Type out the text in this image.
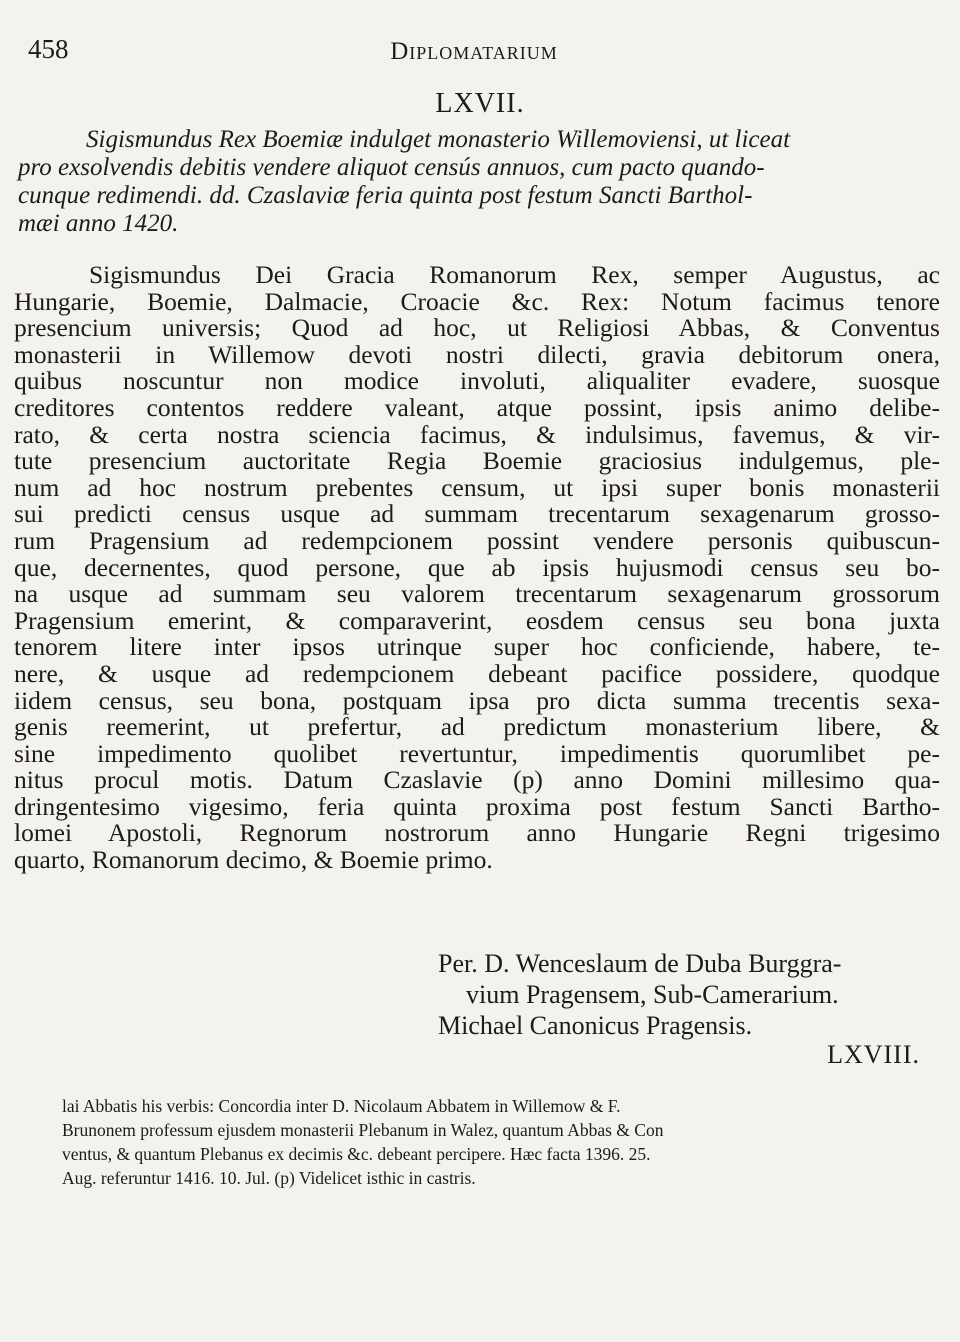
458	Diplomatarium
LXVII.
Sigismundus Rex Boemiæ indulget monasterio Willemoviensi, ut liceat
pro exsolvendis debitis vendere aliquot censús annuos, cum pacto quando-
cunque redimendi. dd. Czaslaviæ feria quinta post festum Sancti Barthol-
mæi anno 1420.
Sigismundus Dei Gracia Romanorum Rex, semper Augustus, ac
Hungarie, Boemie, Dalmacie, Croacie &c. Rex: Notum facimus tenore
presencium universis; Quod ad hoc, ut Religiosi Abbas, & Conventus
monasterii in Willemow devoti nostri dilecti, gravia debitorum onera,
quibus noscuntur non modice involuti, aliqualiter evadere, suosque
creditores contentos reddere valeant, atque possint, ipsis animo delibe-
rato, & certa nostra sciencia facimus, & indulsimus, favemus, & vir-
tute presencium auctoritate Regia Boemie graciosius indulgemus, ple-
num ad hoc nostrum prebentes censum, ut ipsi super bonis monasterii
sui predicti census usque ad summam trecentarum sexagenarum grosso-
rum Pragensium ad redempcionem possint vendere personis quibuscun-
que, decernentes, quod persone, que ab ipsis hujusmodi census seu bo-
na usque ad summam seu valorem trecentarum sexagenarum grossorum
Pragensium emerint, & comparaverint, eosdem census seu bona juxta
tenorem litere inter ipsos utrinque super hoc conficiende, habere, te-
nere, & usque ad redempcionem debeant pacifice possidere, quodque
iidem census, seu bona, postquam ipsa pro dicta summa trecentis sexa-
genis reemerint, ut prefertur, ad predictum monasterium libere, &
sine impedimento quolibet revertuntur, impedimentis quorumlibet pe-
nitus procul motis. Datum Czaslavie (p) anno Domini millesimo qua-
dringentesimo vigesimo, feria quinta proxima post festum Sancti Bartho-
lomei Apostoli, Regnorum nostrorum anno Hungarie Regni trigesimo
quarto, Romanorum decimo, & Boemie primo.
Per. D. Wenceslaum de Duba Burggra-
vium Pragensem, Sub-Camerarium.
Michael Canonicus Pragensis.
LXVIII.
lai Abbatis his verbis: Concordia inter D. Nicolaum Abbatem in Willemow & F.
Brunonem professum ejusdem monasterii Plebanum in Walez, quantum Abbas & Con
ventus, & quantum Plebanus ex decimis &c. debeant percipere. Hæc facta 1396. 25.
Aug. referuntur 1416. 10. Jul. (p) Videlicet isthic in castris.
